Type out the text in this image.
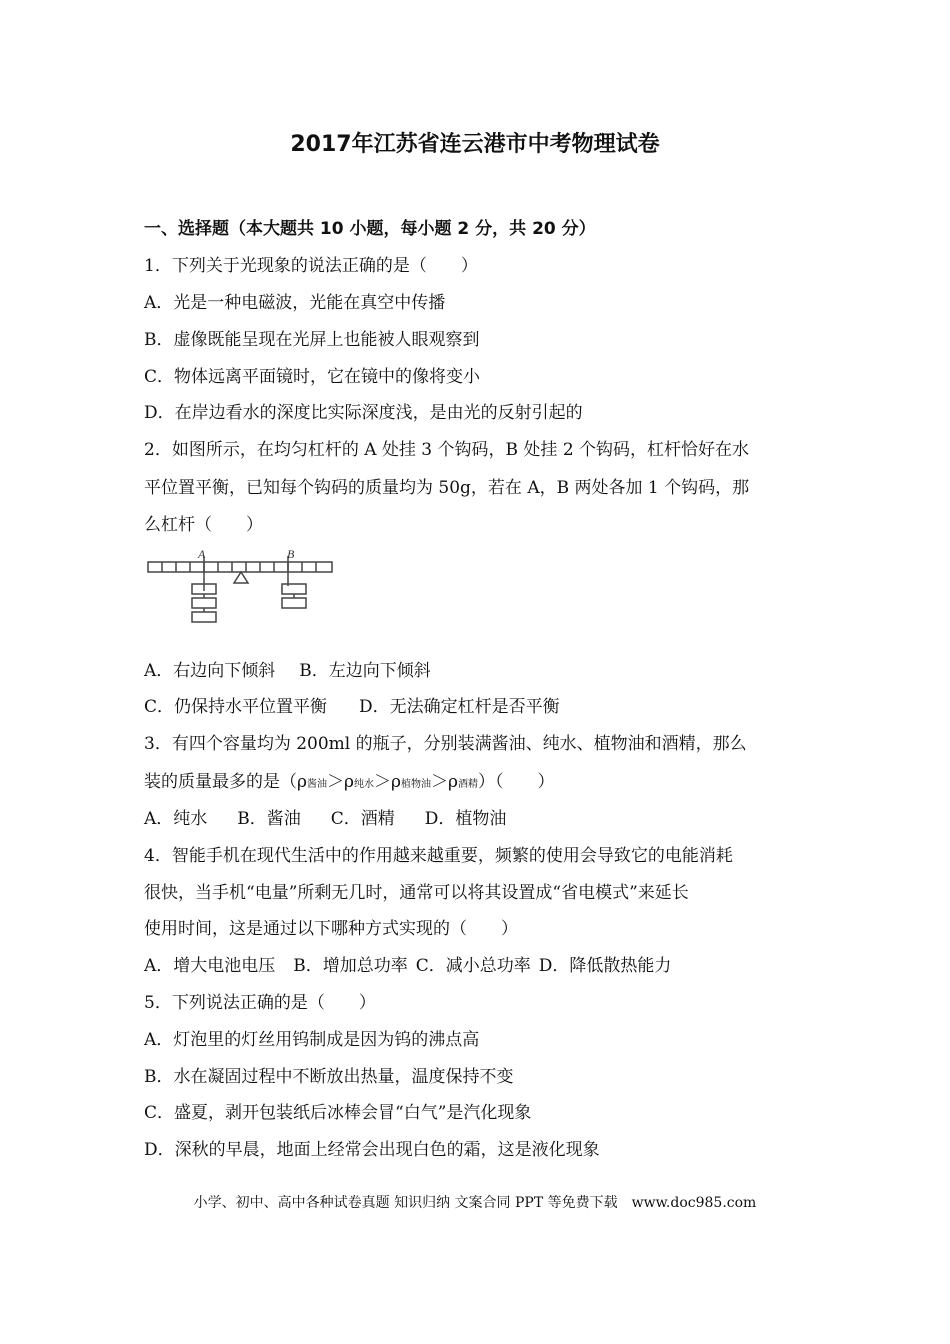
2017年江苏省连云港市中考物理试卷
一、选择题（本大题共 10 小题，每小题 2 分，共 20 分）
1．下列关于光现象的说法正确的是（　　）
A．光是一种电磁波，光能在真空中传播
B．虚像既能呈现在光屏上也能被人眼观察到
C．物体远离平面镜时，它在镜中的像将变小
D．在岸边看水的深度比实际深度浅，是由光的反射引起的
2．如图所示，在均匀杠杆的 A 处挂 3 个钩码，B 处挂 2 个钩码，杠杆恰好在水
平位置平衡，已知每个钩码的质量均为 50g，若在 A，B 两处各加 1 个钩码，那
么杠杆（　　）
A	B
A．右边向下倾斜 B．左边向下倾斜
C．仍保持水平位置平衡 D．无法确定杠杆是否平衡
3．有四个容量均为 200ml 的瓶子，分别装满酱油、纯水、植物油和酒精，那么
装的质量最多的是（ρ酱油＞ρ纯水＞ρ植物油＞ρ酒精）（　　）
A．纯水 B．酱油 C．酒精 D．植物油
4．智能手机在现代生活中的作用越来越重要，频繁的使用会导致它的电能消耗
很快，当手机“电量”所剩无几时，通常可以将其设置成“省电模式”来延长
使用时间，这是通过以下哪种方式实现的（　　）
A．增大电池电压 B．增加总功率 C．减小总功率 D．降低散热能力
5．下列说法正确的是（　　）
A．灯泡里的灯丝用钨制成是因为钨的沸点高
B．水在凝固过程中不断放出热量，温度保持不变
C．盛夏，剥开包装纸后冰棒会冒“白气”是汽化现象
D．深秋的早晨，地面上经常会出现白色的霜，这是液化现象
小学、初中、高中各种试卷真题 知识归纳 文案合同 PPT 等免费下载　www.doc985.com
